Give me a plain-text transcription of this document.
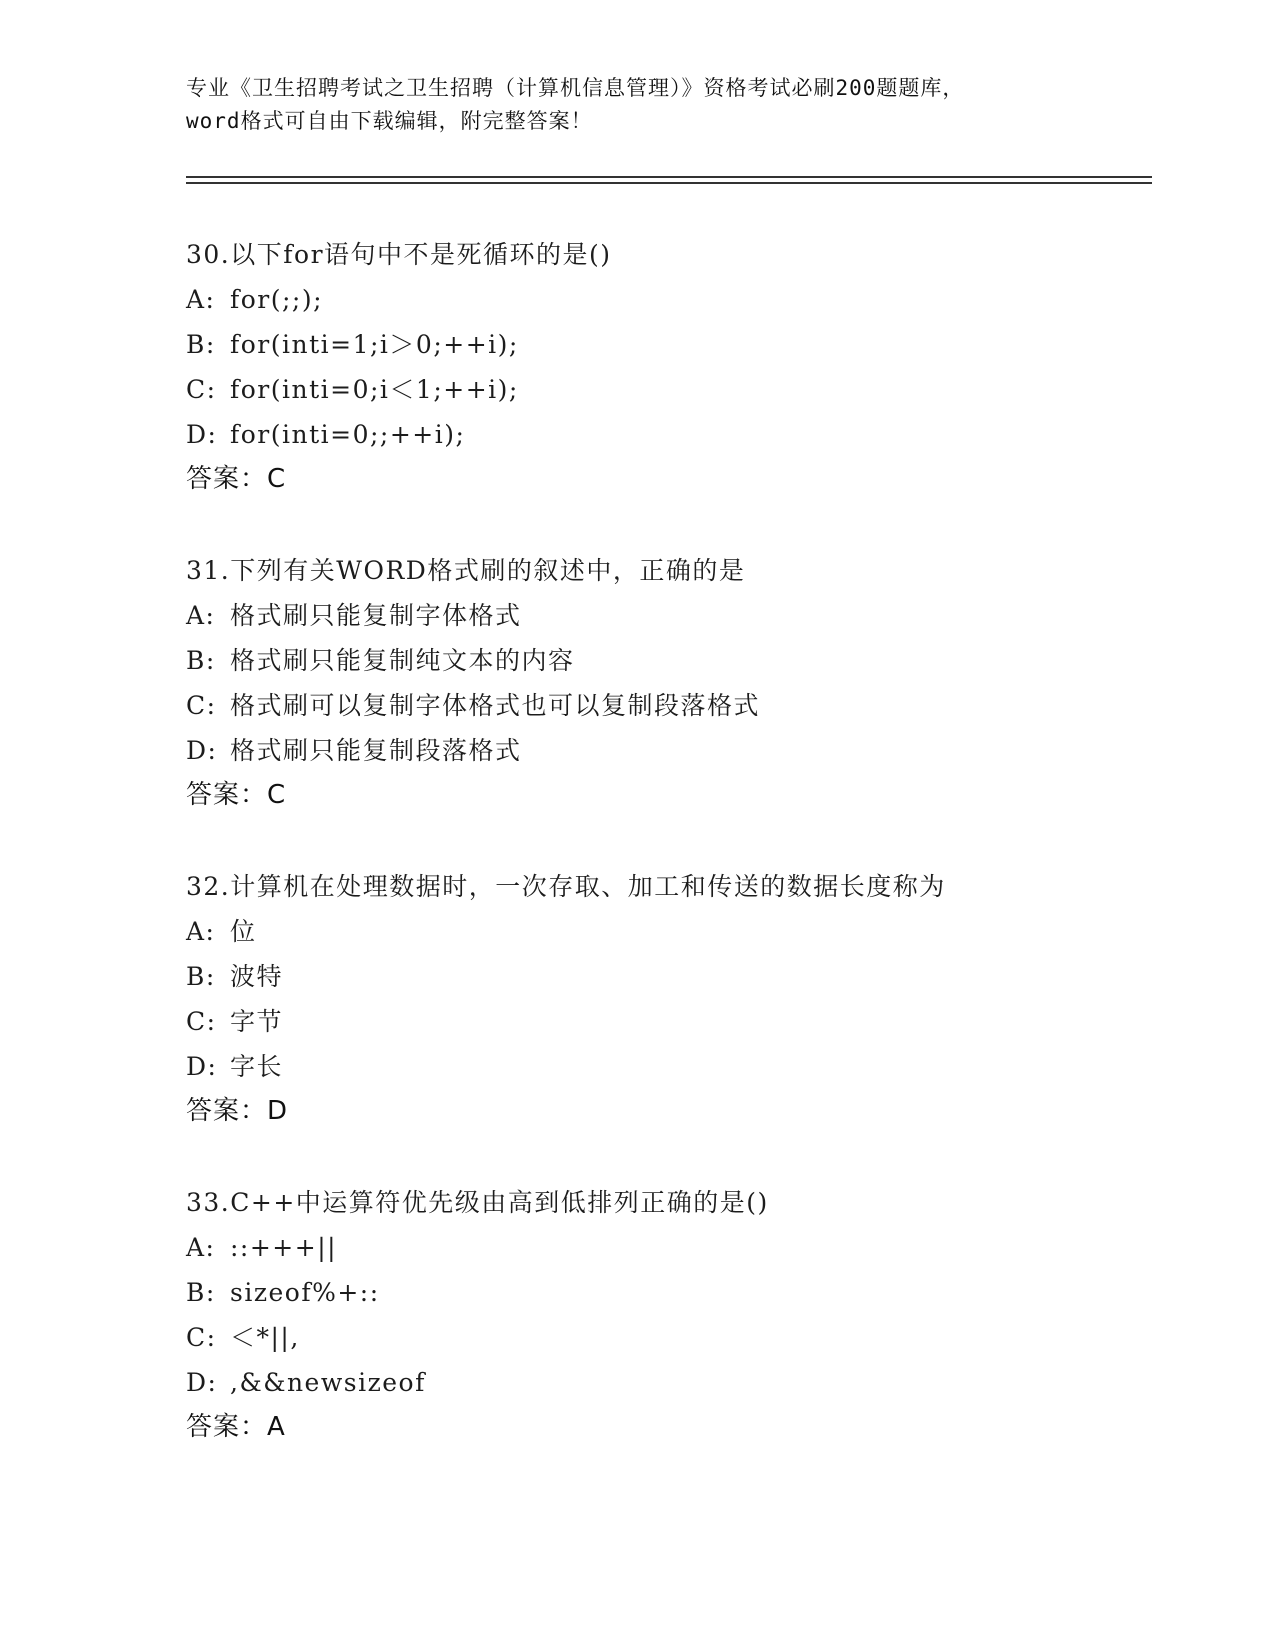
专业《卫生招聘考试之卫生招聘（计算机信息管理）》资格考试必刷200题题库，
word格式可自由下载编辑，附完整答案！
30.以下for语句中不是死循环的是()
A: for(;;);
B: for(inti=1;i＞0;++i);
C: for(inti=0;i＜1;++i);
D: for(inti=0;;++i);
答案：C
31.下列有关WORD格式刷的叙述中，正确的是
A: 格式刷只能复制字体格式
B: 格式刷只能复制纯文本的内容
C: 格式刷可以复制字体格式也可以复制段落格式
D: 格式刷只能复制段落格式
答案：C
32.计算机在处理数据时，一次存取、加工和传送的数据长度称为
A: 位
B: 波特
C: 字节
D: 字长
答案：D
33.C++中运算符优先级由高到低排列正确的是()
A: ::+++||
B: sizeof%+::
C: ＜*||,
D: ,&&newsizeof
答案：A
